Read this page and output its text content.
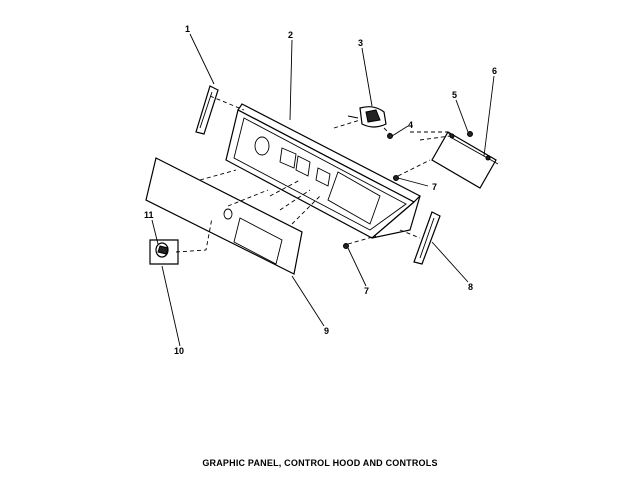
1
2
3
4
5
6
7
7	8
9
10
11
GRAPHIC PANEL, CONTROL HOOD AND CONTROLS
